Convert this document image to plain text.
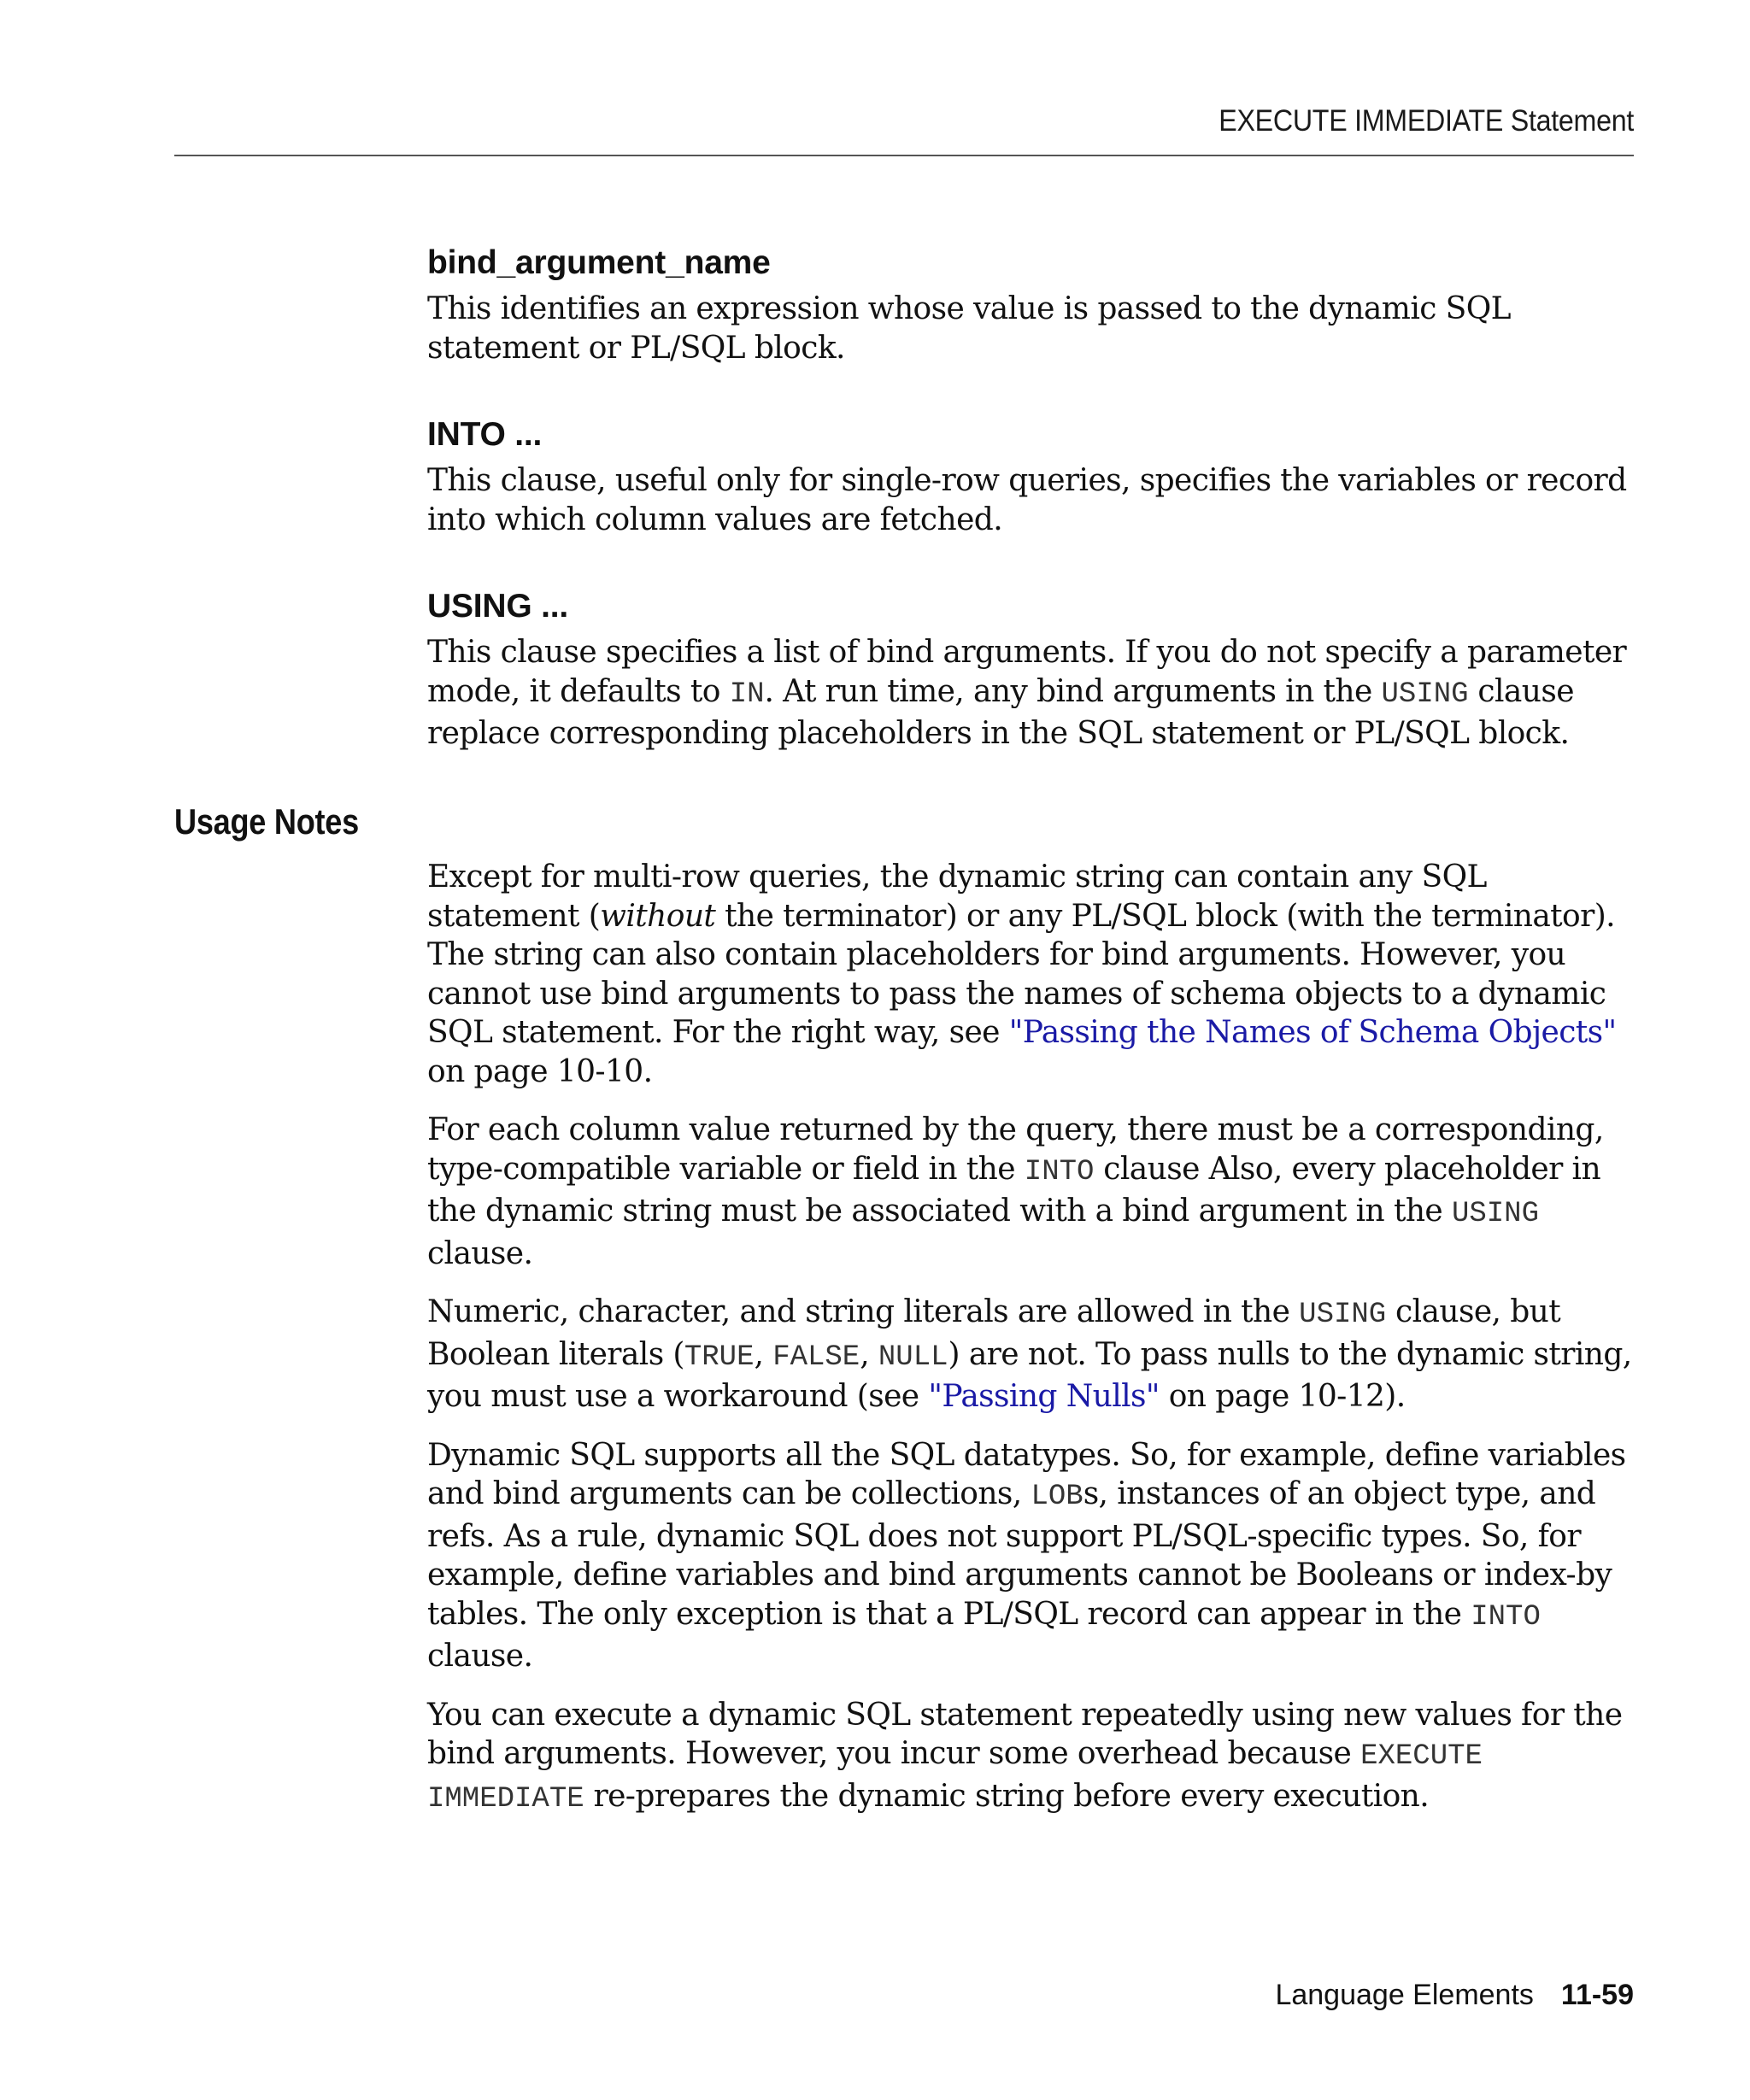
EXECUTE IMMEDIATE Statement
bind_argument_name

This identifies an expression whose value is passed to the dynamic SQL statement or PL/SQL block.

INTO ...

This clause, useful only for single-row queries, specifies the variables or record into which column values are fetched.

USING ...

This clause specifies a list of bind arguments. If you do not specify a parameter mode, it defaults to IN. At run time, any bind arguments in the USING clause replace corresponding placeholders in the SQL statement or PL/SQL block.

Usage Notes

Except for multi-row queries, the dynamic string can contain any SQL statement (without the terminator) or any PL/SQL block (with the terminator). The string can also contain placeholders for bind arguments. However, you cannot use bind arguments to pass the names of schema objects to a dynamic SQL statement. For the right way, see "Passing the Names of Schema Objects" on page 10-10.

For each column value returned by the query, there must be a corresponding, type-compatible variable or field in the INTO clause Also, every placeholder in the dynamic string must be associated with a bind argument in the USING clause.

Numeric, character, and string literals are allowed in the USING clause, but Boolean literals (TRUE, FALSE, NULL) are not. To pass nulls to the dynamic string, you must use a workaround (see "Passing Nulls" on page 10-12).

Dynamic SQL supports all the SQL datatypes. So, for example, define variables and bind arguments can be collections, LOBs, instances of an object type, and refs. As a rule, dynamic SQL does not support PL/SQL-specific types. So, for example, define variables and bind arguments cannot be Booleans or index-by tables. The only exception is that a PL/SQL record can appear in the INTO clause.

You can execute a dynamic SQL statement repeatedly using new values for the bind arguments. However, you incur some overhead because EXECUTE IMMEDIATE re-prepares the dynamic string before every execution.

Language Elements 11-59
